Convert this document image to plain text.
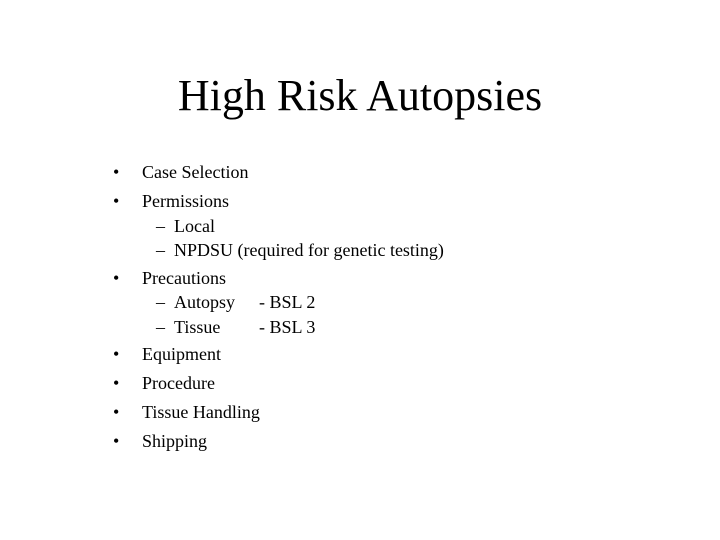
High Risk Autopsies
•	Case Selection
•	Permissions
– Local
– NPDSU (required for genetic testing)
•	Precautions
– Autopsy - BSL 2
– Tissue - BSL 3
•	Equipment
•	Procedure
•	Tissue Handling
•	Shipping
